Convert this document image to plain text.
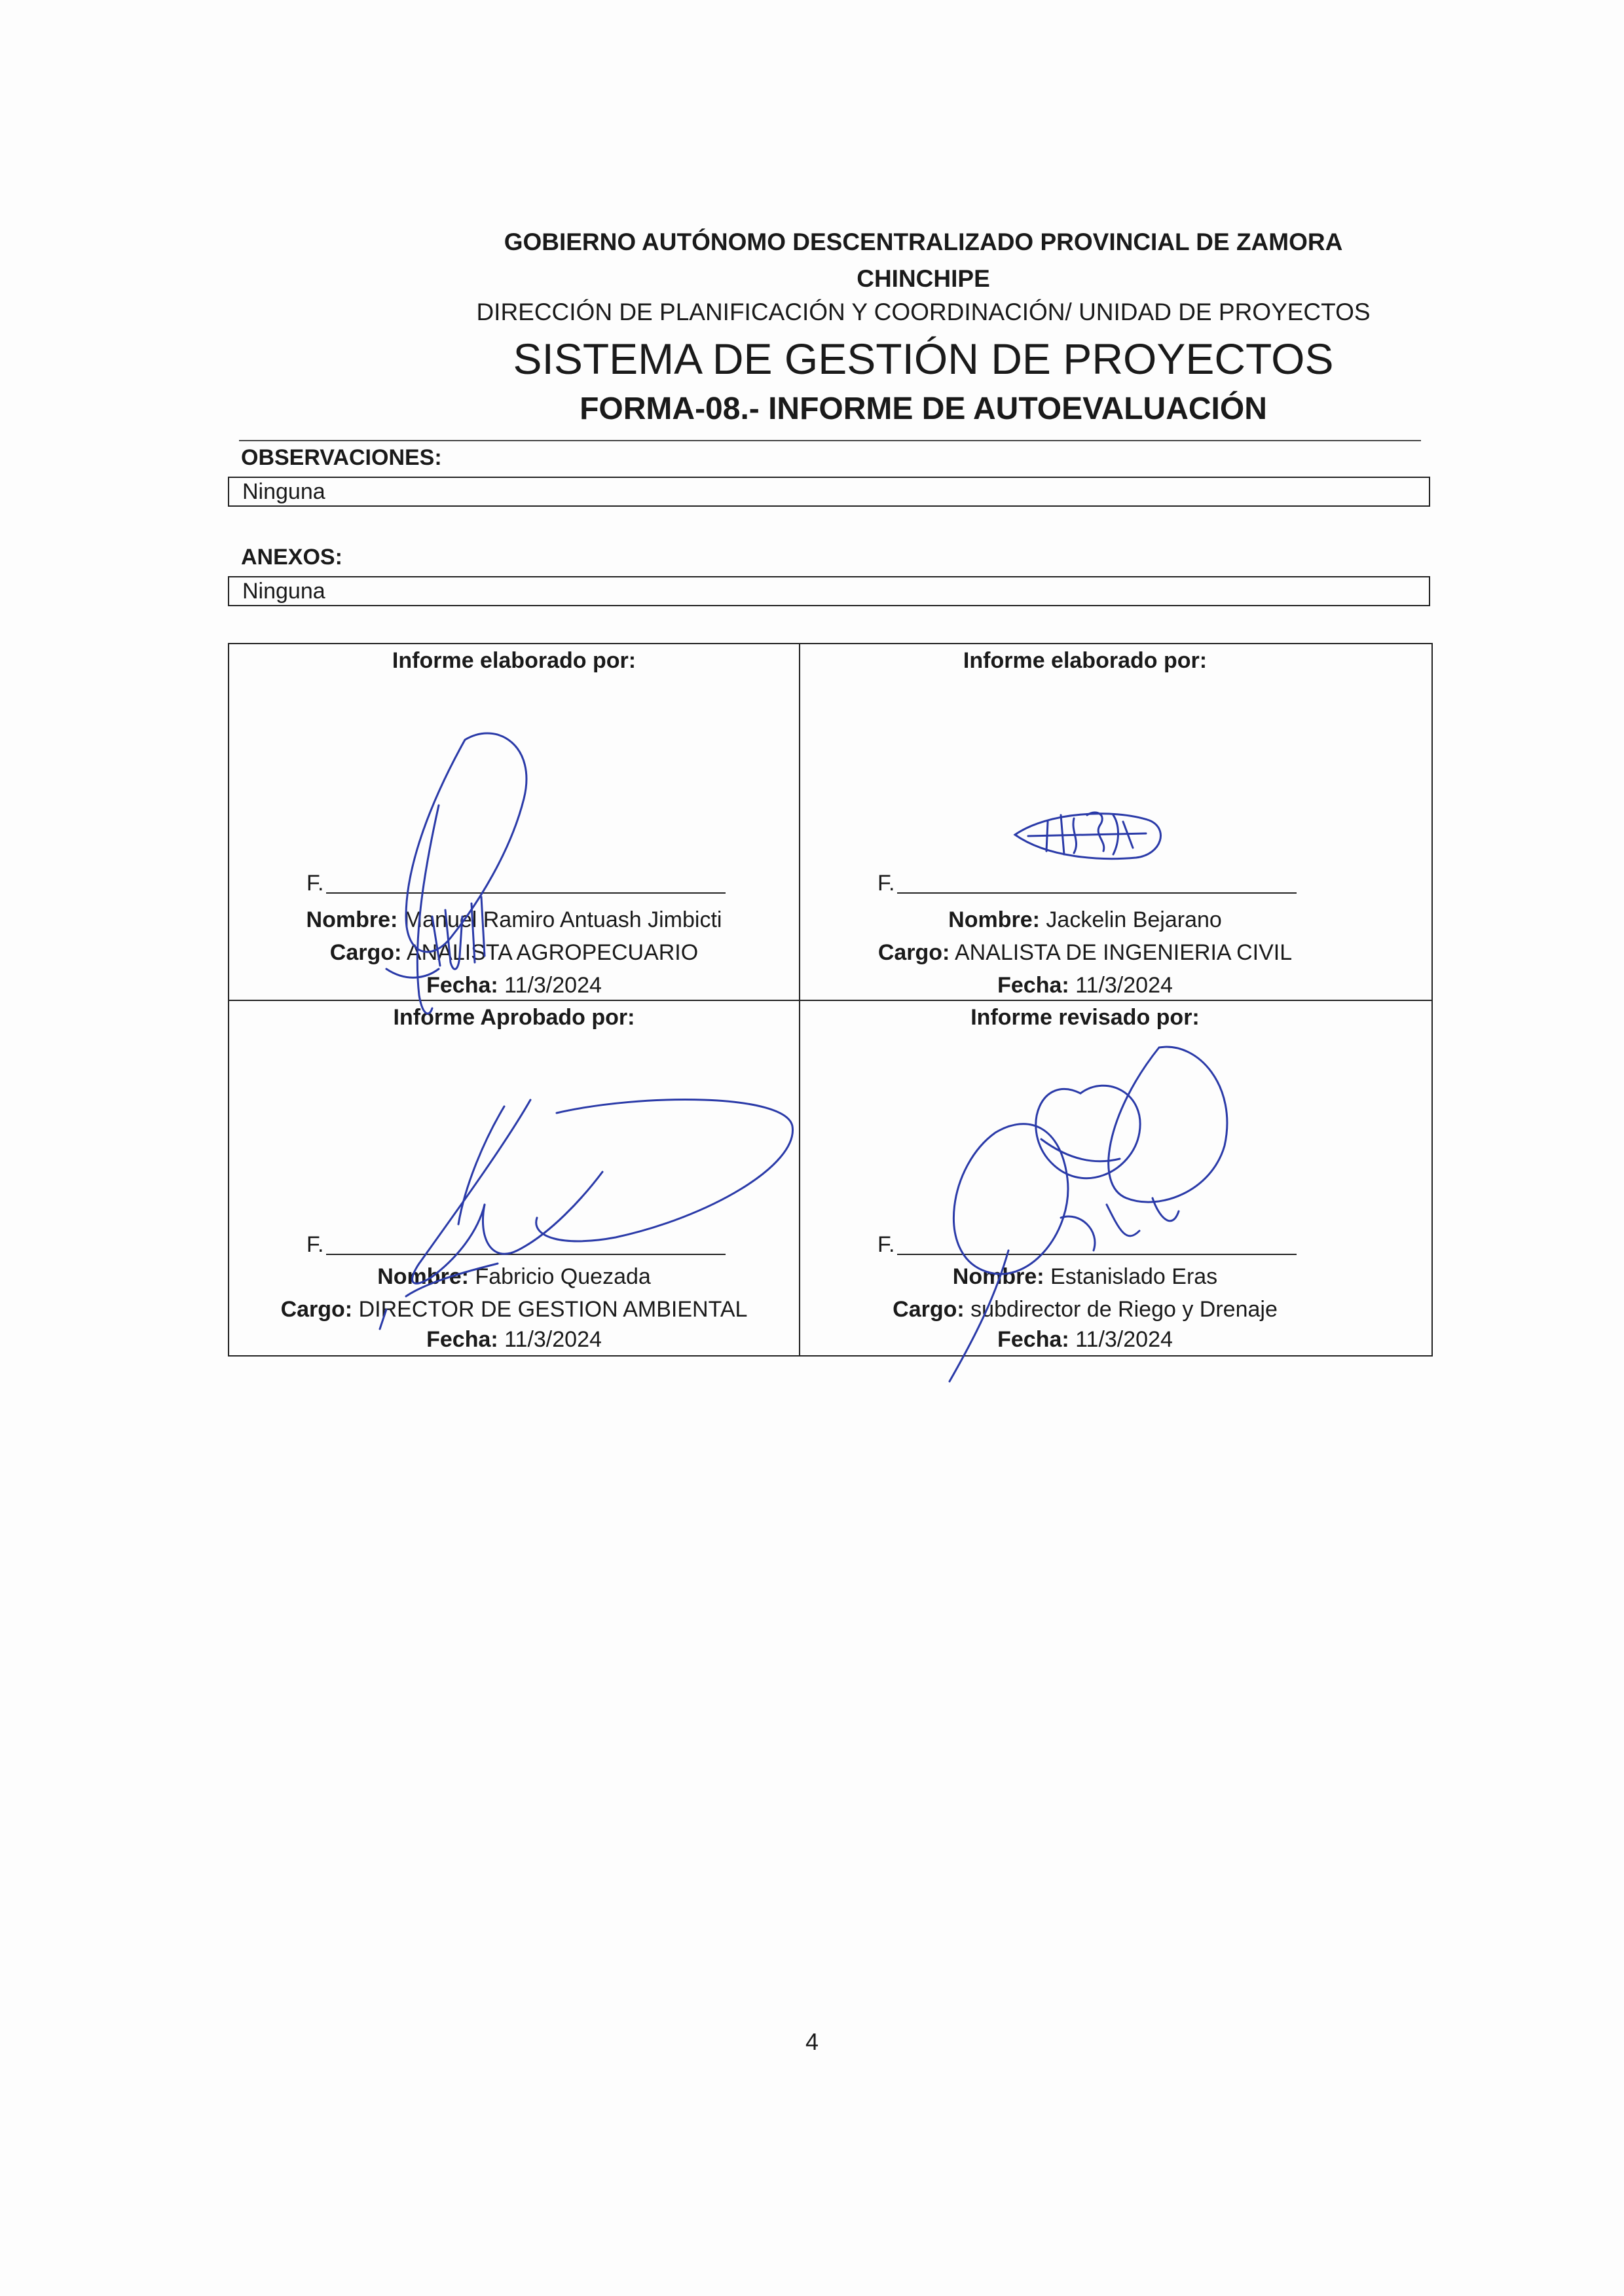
GOBIERNO AUTÓNOMO DESCENTRALIZADO PROVINCIAL DE ZAMORA
CHINCHIPE
DIRECCIÓN DE PLANIFICACIÓN Y COORDINACIÓN/ UNIDAD DE PROYECTOS
SISTEMA DE GESTIÓN DE PROYECTOS
FORMA-08.- INFORME DE AUTOEVALUACIÓN
OBSERVACIONES:
Ninguna
ANEXOS:
Ninguna
Informe elaborado por:
F.
Nombre: Manuel Ramiro Antuash Jimbicti
Cargo: ANALISTA AGROPECUARIO
Fecha: 11/3/2024
Informe elaborado por:
F.
Nombre: Jackelin Bejarano
Cargo: ANALISTA DE INGENIERIA CIVIL
Fecha: 11/3/2024
Informe Aprobado por:
F.
Nombre: Fabricio Quezada
Cargo: DIRECTOR DE GESTION AMBIENTAL
Fecha: 11/3/2024
Informe revisado por:
F.
Nombre: Estanislado Eras
Cargo: subdirector de Riego y Drenaje
Fecha: 11/3/2024
4
